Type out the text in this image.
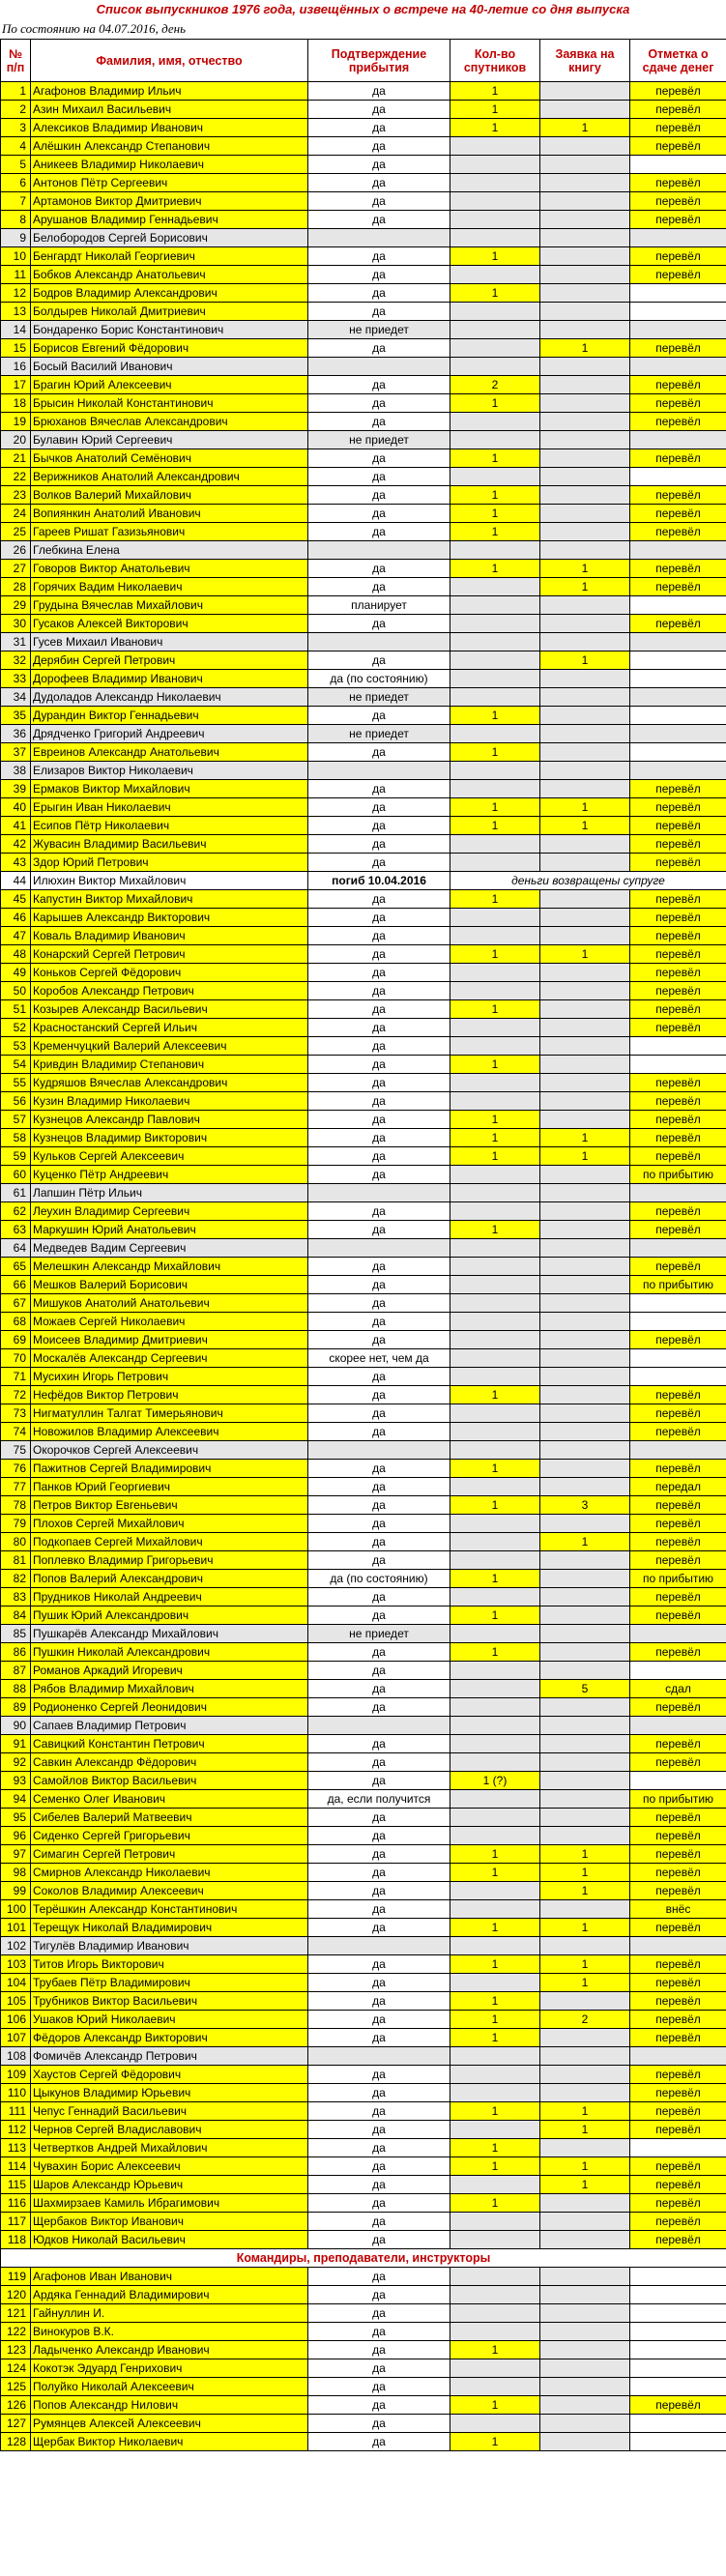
Список выпускников 1976 года, извещённых о встрече на 40-летие со дня выпуска
По состоянию на 04.07.2016, день
№ п/п	Фамилия, имя, отчество	Подтверждение прибытия	Кол-во спутников	Заявка на книгу	Отметка о сдаче денег
1	Агафонов Владимир Ильич	да	1		перевёл
2	Азин Михаил Васильевич	да	1		перевёл
3	Алексиков Владимир Иванович	да	1	1	перевёл
4	Алёшкин Александр Степанович	да			перевёл
5	Аникеев Владимир Николаевич	да			
6	Антонов Пётр Сергеевич	да			перевёл
7	Артамонов Виктор Дмитриевич	да			перевёл
8	Арушанов Владимир Геннадьевич	да			перевёл
9	Белобородов Сергей Борисович				
10	Бенгардт Николай Георгиевич	да	1		перевёл
11	Бобков Александр Анатольевич	да			перевёл
12	Бодров Владимир Александрович	да	1		
13	Болдырев Николай Дмитриевич	да			
14	Бондаренко Борис Константинович	не приедет			
15	Борисов Евгений Фёдорович	да		1	перевёл
16	Босый Василий Иванович				
17	Брагин Юрий Алексеевич	да	2		перевёл
18	Брысин Николай Константинович	да	1		перевёл
19	Брюханов Вячеслав Александрович	да			перевёл
20	Булавин Юрий Сергеевич	не приедет			
21	Бычков Анатолий Семёнович	да	1		перевёл
22	Верижников Анатолий Александрович	да			
23	Волков Валерий Михайлович	да	1		перевёл
24	Вопиянкин Анатолий Иванович	да	1		перевёл
25	Гареев Ришат Газизьянович	да	1		перевёл
26	Глебкина Елена				
27	Говоров Виктор Анатольевич	да	1	1	перевёл
28	Горячих Вадим Николаевич	да		1	перевёл
29	Грудына Вячеслав Михайлович	планирует			
30	Гусаков Алексей Викторович	да			перевёл
31	Гусев Михаил Иванович				
32	Дерябин Сергей Петрович	да		1	
33	Дорофеев Владимир Иванович	да (по состоянию)			
34	Дудоладов Александр Николаевич	не приедет			
35	Дурандин Виктор Геннадьевич	да	1		
36	Дрядченко Григорий Андреевич	не приедет			
37	Евреинов Александр Анатольевич	да	1		
38	Елизаров Виктор Николаевич				
39	Ермаков Виктор Михайлович	да			перевёл
40	Ерыгин Иван Николаевич	да	1	1	перевёл
41	Есипов Пётр Николаевич	да	1	1	перевёл
42	Жувасин Владимир Васильевич	да			перевёл
43	Здор Юрий Петрович	да			перевёл
44	Илюхин Виктор Михайлович	погиб 10.04.2016	деньги возвращены супруге		
45	Капустин Виктор Михайлович	да	1		перевёл
46	Карышев Александр Викторович	да			перевёл
47	Коваль Владимир Иванович	да			перевёл
48	Конарский Сергей Петрович	да	1	1	перевёл
49	Коньков Сергей Фёдорович	да			перевёл
50	Коробов Александр Петрович	да			перевёл
51	Козырев Александр Васильевич	да	1		перевёл
52	Красностанский Сергей Ильич	да			перевёл
53	Кременчуцкий Валерий Алексеевич	да			
54	Кривдин Владимир Степанович	да	1		
55	Кудряшов Вячеслав Александрович	да			перевёл
56	Кузин Владимир Николаевич	да			перевёл
57	Кузнецов Александр Павлович	да	1		перевёл
58	Кузнецов Владимир Викторович	да	1	1	перевёл
59	Кульков Сергей Алексеевич	да	1	1	перевёл
60	Куценко Пётр Андреевич	да			по прибытию
61	Лапшин Пётр Ильич				
62	Леухин Владимир Сергеевич	да			перевёл
63	Маркушин Юрий Анатольевич	да	1		перевёл
64	Медведев Вадим Сергеевич				
65	Мелешкин Александр Михайлович	да			перевёл
66	Мешков Валерий Борисович	да			по прибытию
67	Мишуков Анатолий Анатольевич	да			
68	Можаев Сергей Николаевич	да			
69	Моисеев Владимир Дмитриевич	да			перевёл
70	Москалёв Александр Сергеевич	скорее нет, чем да			
71	Мусихин Игорь Петрович	да			
72	Нефёдов Виктор Петрович	да	1		перевёл
73	Нигматуллин Талгат Тимерьянович	да			перевёл
74	Новожилов Владимир Алексеевич	да			перевёл
75	Окорочков Сергей Алексеевич				
76	Пажитнов Сергей Владимирович	да	1		перевёл
77	Панков Юрий Георгиевич	да			передал
78	Петров Виктор Евгеньевич	да	1	3	перевёл
79	Плохов Сергей Михайлович	да			перевёл
80	Подкопаев Сергей Михайлович	да		1	перевёл
81	Поплевко Владимир Григорьевич	да			перевёл
82	Попов Валерий Александрович	да (по состоянию)	1		по прибытию
83	Прудников Николай Андреевич	да			перевёл
84	Пушик Юрий Александрович	да	1		перевёл
85	Пушкарёв Александр Михайлович	не приедет			
86	Пушкин Николай Александрович	да	1		перевёл
87	Романов Аркадий Игоревич	да			
88	Рябов Владимир Михайлович	да		5	сдал
89	Родионенко Сергей Леонидович	да			перевёл
90	Сапаев Владимир Петрович				
91	Савицкий Константин Петрович	да			перевёл
92	Савкин Александр Фёдорович	да			перевёл
93	Самойлов Виктор Васильевич	да	1 (?)		
94	Семенко Олег Иванович	да, если получится			по прибытию
95	Сибелев Валерий Матвеевич	да			перевёл
96	Сиденко Сергей Григорьевич	да			перевёл
97	Симагин Сергей Петрович	да	1	1	перевёл
98	Смирнов Александр Николаевич	да	1	1	перевёл
99	Соколов Владимир Алексеевич	да		1	перевёл
100	Терёшкин Александр Константинович	да			внёс
101	Терещук Николай Владимирович	да	1	1	перевёл
102	Тигулёв Владимир Иванович				
103	Титов Игорь Викторович	да	1	1	перевёл
104	Трубаев Пётр Владимирович	да		1	перевёл
105	Трубников Виктор Васильевич	да	1		перевёл
106	Ушаков Юрий Николаевич	да	1	2	перевёл
107	Фёдоров Александр Викторович	да	1		перевёл
108	Фомичёв Александр Петрович				
109	Хаустов Сергей Фёдорович	да			перевёл
110	Цыкунов Владимир Юрьевич	да			перевёл
111	Чепус Геннадий Васильевич	да	1	1	перевёл
112	Чернов Сергей Владиславович	да		1	перевёл
113	Четвертков Андрей Михайлович	да	1		
114	Чувахин Борис Алексеевич	да	1	1	перевёл
115	Шаров Александр Юрьевич	да		1	перевёл
116	Шахмирзаев Камиль Ибрагимович	да	1		перевёл
117	Щербаков Виктор Иванович	да			перевёл
118	Юдков Николай Васильевич	да			перевёл
Командиры, преподаватели, инструкторы					
119	Агафонов Иван Иванович	да			
120	Ардяка Геннадий Владимирович	да			
121	Гайнуллин И.	да			
122	Винокуров В.К.	да			
123	Ладыченко Александр Иванович	да	1		
124	Кокотэк Эдуард Генрихович	да			
125	Полуйко Николай Алексеевич	да			
126	Попов Александр Нилович	да	1		перевёл
127	Румянцев Алексей Алексеевич	да			
128	Щербак Виктор Николаевич	да	1		
